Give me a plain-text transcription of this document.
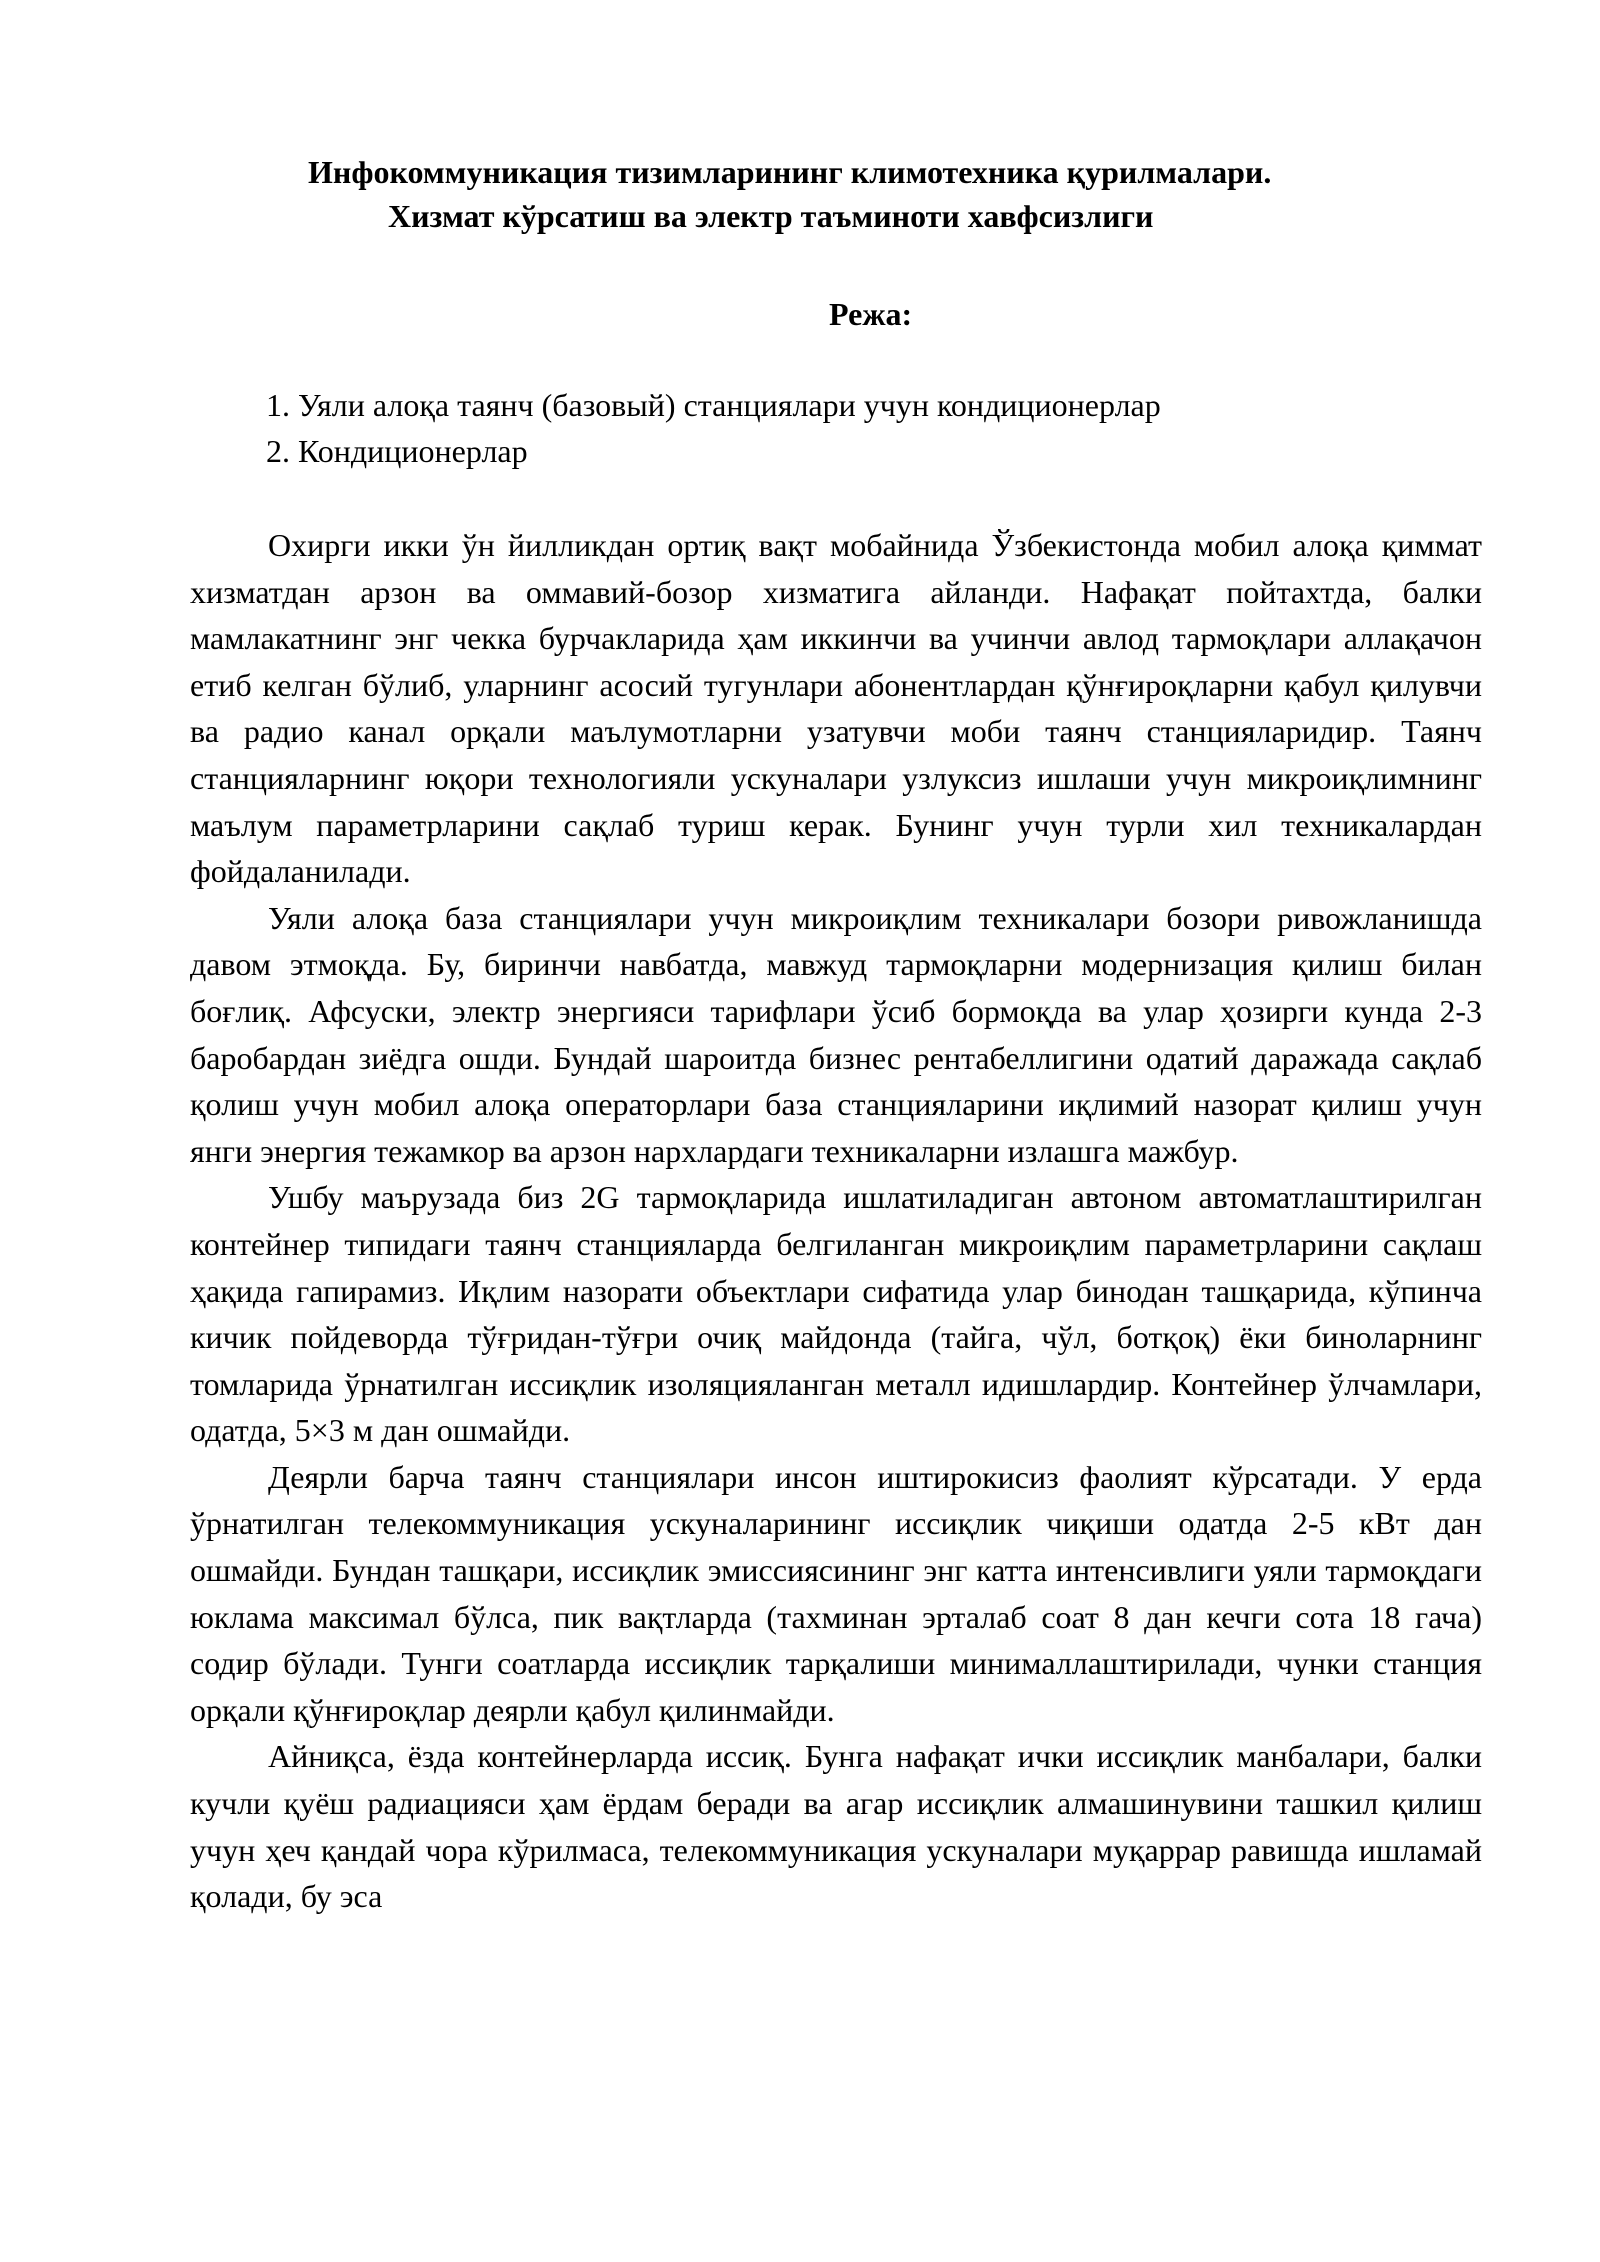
Инфокоммуникация тизимларининг климотехника қурилмалари.
Хизмат кўрсатиш ва электр таъминоти хавфсизлиги
Режа:
1. Уяли алоқа таянч (базовый) станциялари учун кондиционерлар
2. Кондиционерлар

Охирги икки ўн йилликдан ортиқ вақт мобайнида Ўзбекистонда мобил алоқа қиммат хизматдан арзон ва оммавий-бозор хизматига айланди. Нафақат пойтахтда, балки мамлакатнинг энг чекка бурчакларида ҳам иккинчи ва учинчи авлод тармоқлари аллақачон етиб келган бўлиб, уларнинг асосий тугунлари абонентлардан қўнғироқларни қабул қилувчи ва радио канал орқали маълумотларни узатувчи моби таянч станцияларидир. Таянч станцияларнинг юқори технологияли ускуналари узлуксиз ишлаши учун микроиқлимнинг маълум параметрларини сақлаб туриш керак. Бунинг учун турли хил техникалардан фойдаланилади.

Уяли алоқа база станциялари учун микроиқлим техникалари бозори ривожланишда давом этмоқда. Бу, биринчи навбатда, мавжуд тармоқларни модернизация қилиш билан боғлиқ. Афсуски, электр энергияси тарифлари ўсиб бормоқда ва улар ҳозирги кунда 2-3 баробардан зиёдга ошди. Бундай шароитда бизнес рентабеллигини одатий даражада сақлаб қолиш учун мобил алоқа операторлари база станцияларини иқлимий назорат қилиш учун янги энергия тежамкор ва арзон нархлардаги техникаларни излашга мажбур.

Ушбу маърузада биз 2G тармоқларида ишлатиладиган автоном автоматлаштирилган контейнер типидаги таянч станцияларда белгиланган микроиқлим параметрларини сақлаш ҳақида гапирамиз. Иқлим назорати объектлари сифатида улар бинодан ташқарида, кўпинча кичик пойдеворда тўғридан-тўғри очиқ майдонда (тайга, чўл, ботқоқ) ёки биноларнинг томларида ўрнатилган иссиқлик изоляцияланган металл идишлардир. Контейнер ўлчамлари, одатда, 5×3 м дан ошмайди.

Деярли барча таянч станциялари инсон иштирокисиз фаолият кўрсатади. У ерда ўрнатилган телекоммуникация ускуналарининг иссиқлик чиқиши одатда 2-5 кВт дан ошмайди. Бундан ташқари, иссиқлик эмиссиясининг энг катта интенсивлиги уяли тармоқдаги юклама максимал бўлса, пик вақтларда (тахминан эрталаб соат 8 дан кечги сота 18 гача) содир бўлади. Тунги соатларда иссиқлик тарқалиши минималлаштирилади, чунки станция орқали қўнғироқлар деярли қабул қилинмайди.

Айниқса, ёзда контейнерларда иссиқ. Бунга нафақат ички иссиқлик манбалари, балки кучли қуёш радиацияси ҳам ёрдам беради ва агар иссиқлик алмашинувини ташкил қилиш учун ҳеч қандай чора кўрилмаса, телекоммуникация ускуналари муқаррар равишда ишламай қолади, бу эса
